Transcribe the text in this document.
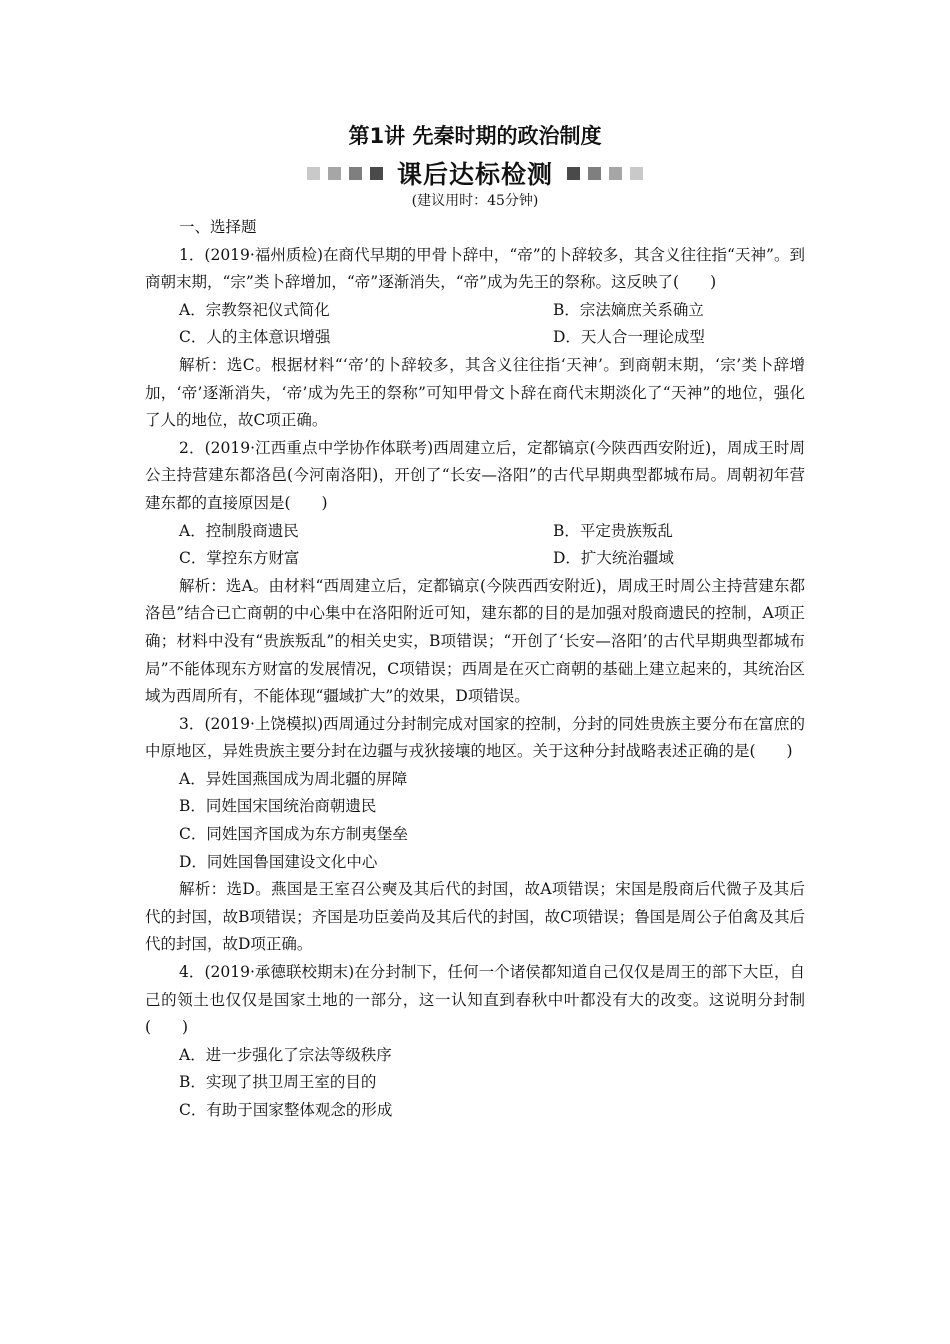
第1讲 先秦时期的政治制度
课后达标检测
(建议用时：45分钟)

一、选择题

1．(2019·福州质检)在商代早期的甲骨卜辞中，“帝”的卜辞较多，其含义往往指“天神”。到商朝末期，“宗”类卜辞增加，“帝”逐渐消失，“帝”成为先王的祭称。这反映了(　　)

A．宗教祭祀仪式简化	B．宗法嫡庶关系确立
C．人的主体意识增强	D．天人合一理论成型

解析：选C。根据材料“‘帝’的卜辞较多，其含义往往指‘天神’。到商朝末期，‘宗’类卜辞增加，‘帝’逐渐消失，‘帝’成为先王的祭称”可知甲骨文卜辞在商代末期淡化了“天神”的地位，强化了人的地位，故C项正确。

2．(2019·江西重点中学协作体联考)西周建立后，定都镐京(今陕西西安附近)，周成王时周公主持营建东都洛邑(今河南洛阳)，开创了“长安—洛阳”的古代早期典型都城布局。周朝初年营建东都的直接原因是(　　)

A．控制殷商遗民	B．平定贵族叛乱
C．掌控东方财富	D．扩大统治疆域

解析：选A。由材料“西周建立后，定都镐京(今陕西西安附近)，周成王时周公主持营建东都洛邑”结合已亡商朝的中心集中在洛阳附近可知，建东都的目的是加强对殷商遗民的控制，A项正确；材料中没有“贵族叛乱”的相关史实，B项错误；“开创了‘长安—洛阳’的古代早期典型都城布局”不能体现东方财富的发展情况，C项错误；西周是在灭亡商朝的基础上建立起来的，其统治区域为西周所有，不能体现“疆域扩大”的效果，D项错误。

3．(2019·上饶模拟)西周通过分封制完成对国家的控制，分封的同姓贵族主要分布在富庶的中原地区，异姓贵族主要分封在边疆与戎狄接壤的地区。关于这种分封战略表述正确的是(　　)

A．异姓国燕国成为周北疆的屏障

B．同姓国宋国统治商朝遗民

C．同姓国齐国成为东方制夷堡垒

D．同姓国鲁国建设文化中心

解析：选D。燕国是王室召公奭及其后代的封国，故A项错误；宋国是殷商后代微子及其后代的封国，故B项错误；齐国是功臣姜尚及其后代的封国，故C项错误；鲁国是周公子伯禽及其后代的封国，故D项正确。

4．(2019·承德联校期末)在分封制下，任何一个诸侯都知道自己仅仅是周王的部下大臣，自己的领土也仅仅是国家土地的一部分，这一认知直到春秋中叶都没有大的改变。这说明分封制(　　)

A．进一步强化了宗法等级秩序

B．实现了拱卫周王室的目的

C．有助于国家整体观念的形成
